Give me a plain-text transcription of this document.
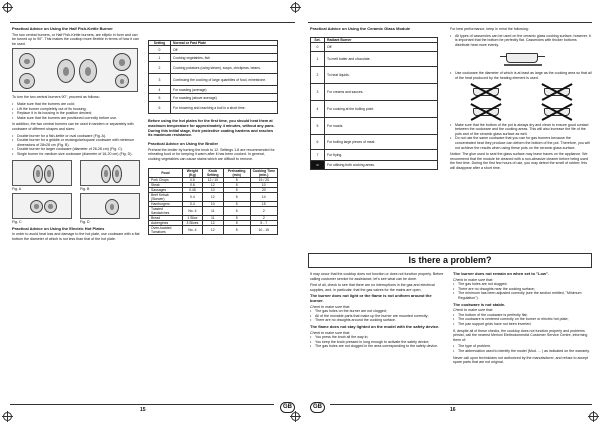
Practical Advice on Using the Half Fish-Kettle Burner

The two central burners, or Half Fish-Kettle burners, are elliptic in form and can be turned up to 90°. This makes the cooktop more flexible in terms of how it can be used.

To turn the two central burners 90°, proceed as follows:

• Make sure that the burners are cold;
• Lift the burner completely out of its housing;
• Replace it in its housing in the position desired;
• Make sure that the burners are positioned correctly before use.

In addition, the two central burners can be used in tandem or separately with cookware of different shapes and sizes:

• Double burner for a fish-kettle or oval cookware (Fig. A).
• Double burner for a griddle or rectangular/square cookware with minimum dimensions of 28x28 cm (Fig. B).
• Double burner for larger cookware (diameter of 26-28 cm) (Fig. C).
• Single burner for medium size cookware (diameter of 16-20 cm) (Fig. D).
Fig. A	Fig. B
Fig. C	Fig. D
Practical Advice on Using the Electric Hot Plates

In order to avoid heat loss and damage to the hot plate, use cookware with a flat bottom the diameter of which is not less than that of the hot plate.

Setting	Normal or Fast Plate
0	Off
1	Cooking vegetables, fish
2	Cooking potatoes (using steam), soups, chickpeas, beans.
3	Continuing the cooking of large quantities of food, minestrone.
4	For roasting (average)
5	For roasting (above average)
6	For browning and reaching a boil in a short time.

Before using the hot plates for the first time, you should heat them at maximum temperature for approximately 4 minutes, without any pans. During this initial stage, their protective coating hardens and reaches its maximum resistance.

Practical Advice on Using the Broiler

Preheat the broiler by turning the knob to 12. Settings 1-8 are recommended for reheating food or for keeping it warm after it has been cooked. In general, cooking vegetables can cause stains which are difficult to remove.

Food	Weight (Kg)	Knob Setting	Preheating (min)	Cooking Time (min.)
Pork Chops	0.5	12 / 10	5	15 / 20
Steak	0.6	12	5	10
Sausages	0.45	10	5	20
Beef Kebab (Skewer)	0.4	12	5	14
Hamburgers	0.4	10	5	15
Toasted Sandwiches	No. 4	11	5	2
Bread	1 Slice	11	5	2
Aubergines	3 Slices	12	5	5 - 7
Oven-toasted Tomatoes	No. 4	12	5	10 - 15
15	GB
Practical Advice on Using the Ceramic Glass Module
Set.	Radiant Burner
0	Off
1	To melt butter and chocolate.
2	To heat liquids.
3	For creams and sauces.
4	For cooking at the boiling point.
5	For roasts.
6	For boiling large pieces of meat.
7	For frying.
••	For utilising both cooking areas.

For best performance, keep in mind the following:

• All types of casseroles can be used on the ceramic glass cooking surface; however, it is important that the bottom be perfectly flat. Casseroles with thicker bottoms distribute heat more evenly.
• Use cookware the diameter of which is at least as large as the cooking area so that all of the heat produced by the heating element is used.
• Make sure that the bottom of the pot is always dry and clean to ensure good contact between the cookware and the cooking areas. This will also increase the life of the pots and of the ceramic glass surface as well.
• Do not use the same cookware that you use for gas burners because the concentrated heat they produce can deform the bottom of the pot. Therefore, you will not achieve the results when using these pots on the ceramic glass surface.

Notice: The glue used to seal the glass surface may leave traces on the appliance. We recommend that the module be cleaned with a non-abrasive cleaner before being used the first time. During the first few hours of use, you may detect the smell of rubber; this will disappear after a short time.

Is there a problem?

It may occur that the cooktop does not function or does not function properly. Before calling customer service for assistance, let's see what can be done.

First of all, check to see that there are no interruptions in the gas and electrical supplies, and, in particular, that the gas valves for the mains are open.

The burner does not light or the flame is not uniform around the burner.

Check to make sure that:

• The gas holes on the burner are not clogged;
• All of the movable parts that make up the burner are mounted correctly;
• There are no draughts around the cooking surface.
The flame does not stay lighted on the model with the safety device.

Check to make sure that:

• You press the knob all the way in;
• You keep the knob pressed in long enough to activate the safety device;
• The gas holes are not clogged in the area corresponding to the safety device.
The burner does not remain on when set to "Low".

Check to make sure that:

• The gas holes are not clogged;
• There are no draughts near the cooking surface;
• The minimum has been adjusted correctly (see the section entitled, "Minimum Regulation").
The cookware is not stable.

Check to make sure that:

• The bottom of the cookware is perfectly flat;
• The cookware is centered correctly on the burner or electric hot plate;
• The pan support grids have not been inverted.

If, despite all of these checks, the cooktop does not function properly and problems persist, call the nearest Merloni Elettrodomestici Customer Service Centre, informing them of:

• The type of problem.
• The abbreviation used to identify the model (Mod. ... ) as indicated on the warranty.

Never call upon technicians not authorized by the manufacturer, and refuse to accept spare parts that are not original.

GB	16
